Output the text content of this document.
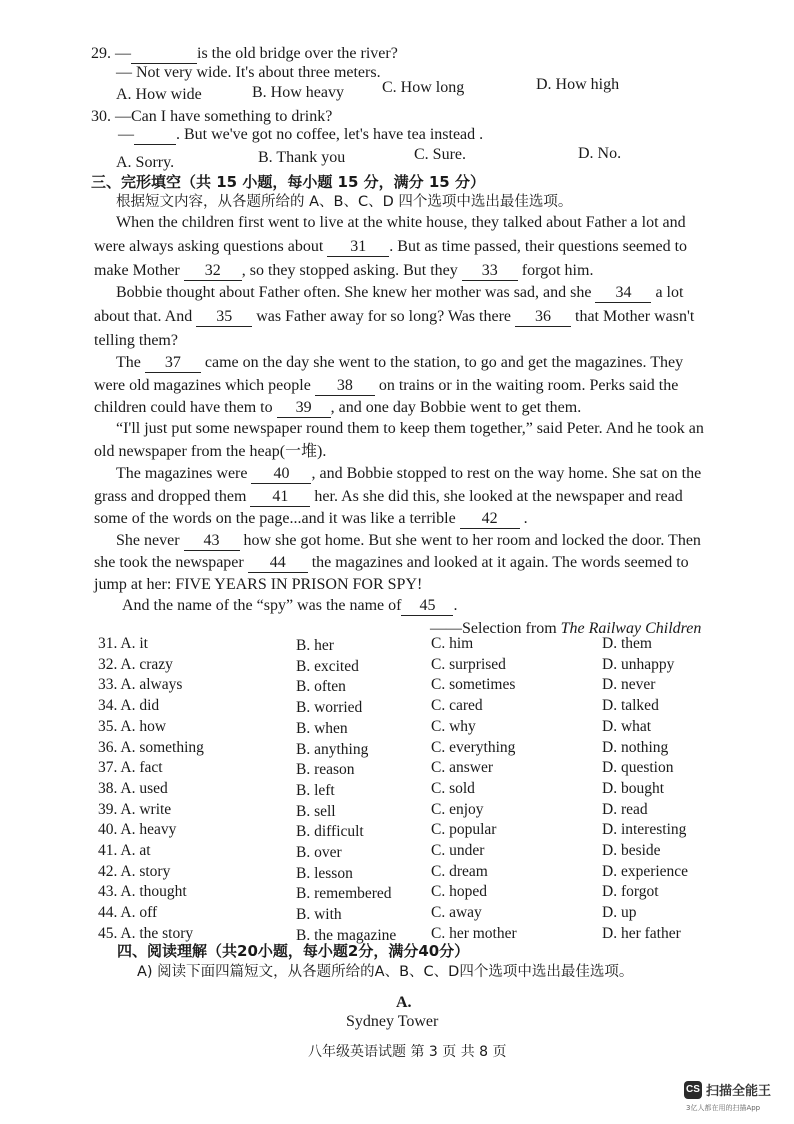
29. —	is the old bridge over the river?
— Not very wide. It's about three meters.
A. How wide	B. How heavy C. How long	D. How high
30. —Can I have something to drink?
—	. But we've got no coffee, let's have tea instead .
A. Sorry.	B. Thank you	C. Sure.	D. No.
三、完形填空（共 15 小题，每小题 15 分，满分 15 分）
根据短文内容，从各题所给的 A、B、C、D 四个选项中选出最佳选项。
When the children first went to live at the white house, they talked about Father a lot and
were always asking questions about 31 . But as time passed, their questions seemed to
make Mother 32 , so they stopped asking. But they 33 forgot him.
Bobbie thought about Father often. She knew her mother was sad, and she 34 a lot
about that. And 35 was Father away for so long? Was there 36 that Mother wasn't
telling them?
The 37 came on the day she went to the station, to go and get the magazines. They
were old magazines which people 38 on trains or in the waiting room. Perks said the
children could have them to 39 , and one day Bobbie went to get them.
“I'll just put some newspaper round them to keep them together,” said Peter. And he took an
old newspaper from the heap(一堆).
The magazines were 40 , and Bobbie stopped to rest on the way home. She sat on the
grass and dropped them 41 her. As she did this, she looked at the newspaper and read
some of the words on the page...and it was like a terrible 42 .
She never 43 how she got home. But she went to her room and locked the door. Then
she took the newspaper 44 the magazines and looked at it again. The words seemed to
jump at her: FIVE YEARS IN PRISON FOR SPY!
And the name of the “spy” was the name of 45 .
——Selection from The Railway Children
31. A. it	B. her	C. him	D. them
32. A. crazy	B. excited	C. surprised	D. unhappy
33. A. always	B. often	C. sometimes	D. never
34. A. did	B. worried	C. cared	D. talked
35. A. how	B. when	C. why	D. what
36. A. something	B. anything	C. everything	D. nothing
37. A. fact	B. reason	C. answer	D. question
38. A. used	B. left	C. sold	D. bought
39. A. write	B. sell	C. enjoy	D. read
40. A. heavy	B. difficult	C. popular	D. interesting
41. A. at	B. over	C. under	D. beside
42. A. story	B. lesson	C. dream	D. experience
43. A. thought	B. remembered	C. hoped	D. forgot
44. A. off	B. with	C. away	D. up
45. A. the story	B. the magazine C. her mother	D. her father
四、阅读理解（共20小题，每小题2分，满分40分）
A) 阅读下面四篇短文，从各题所给的A、B、C、D四个选项中选出最佳选项。
A.
Sydney Tower
八年级英语试题 第 3 页 共 8 页
CS 扫描全能王
3亿人都在用的扫描App
